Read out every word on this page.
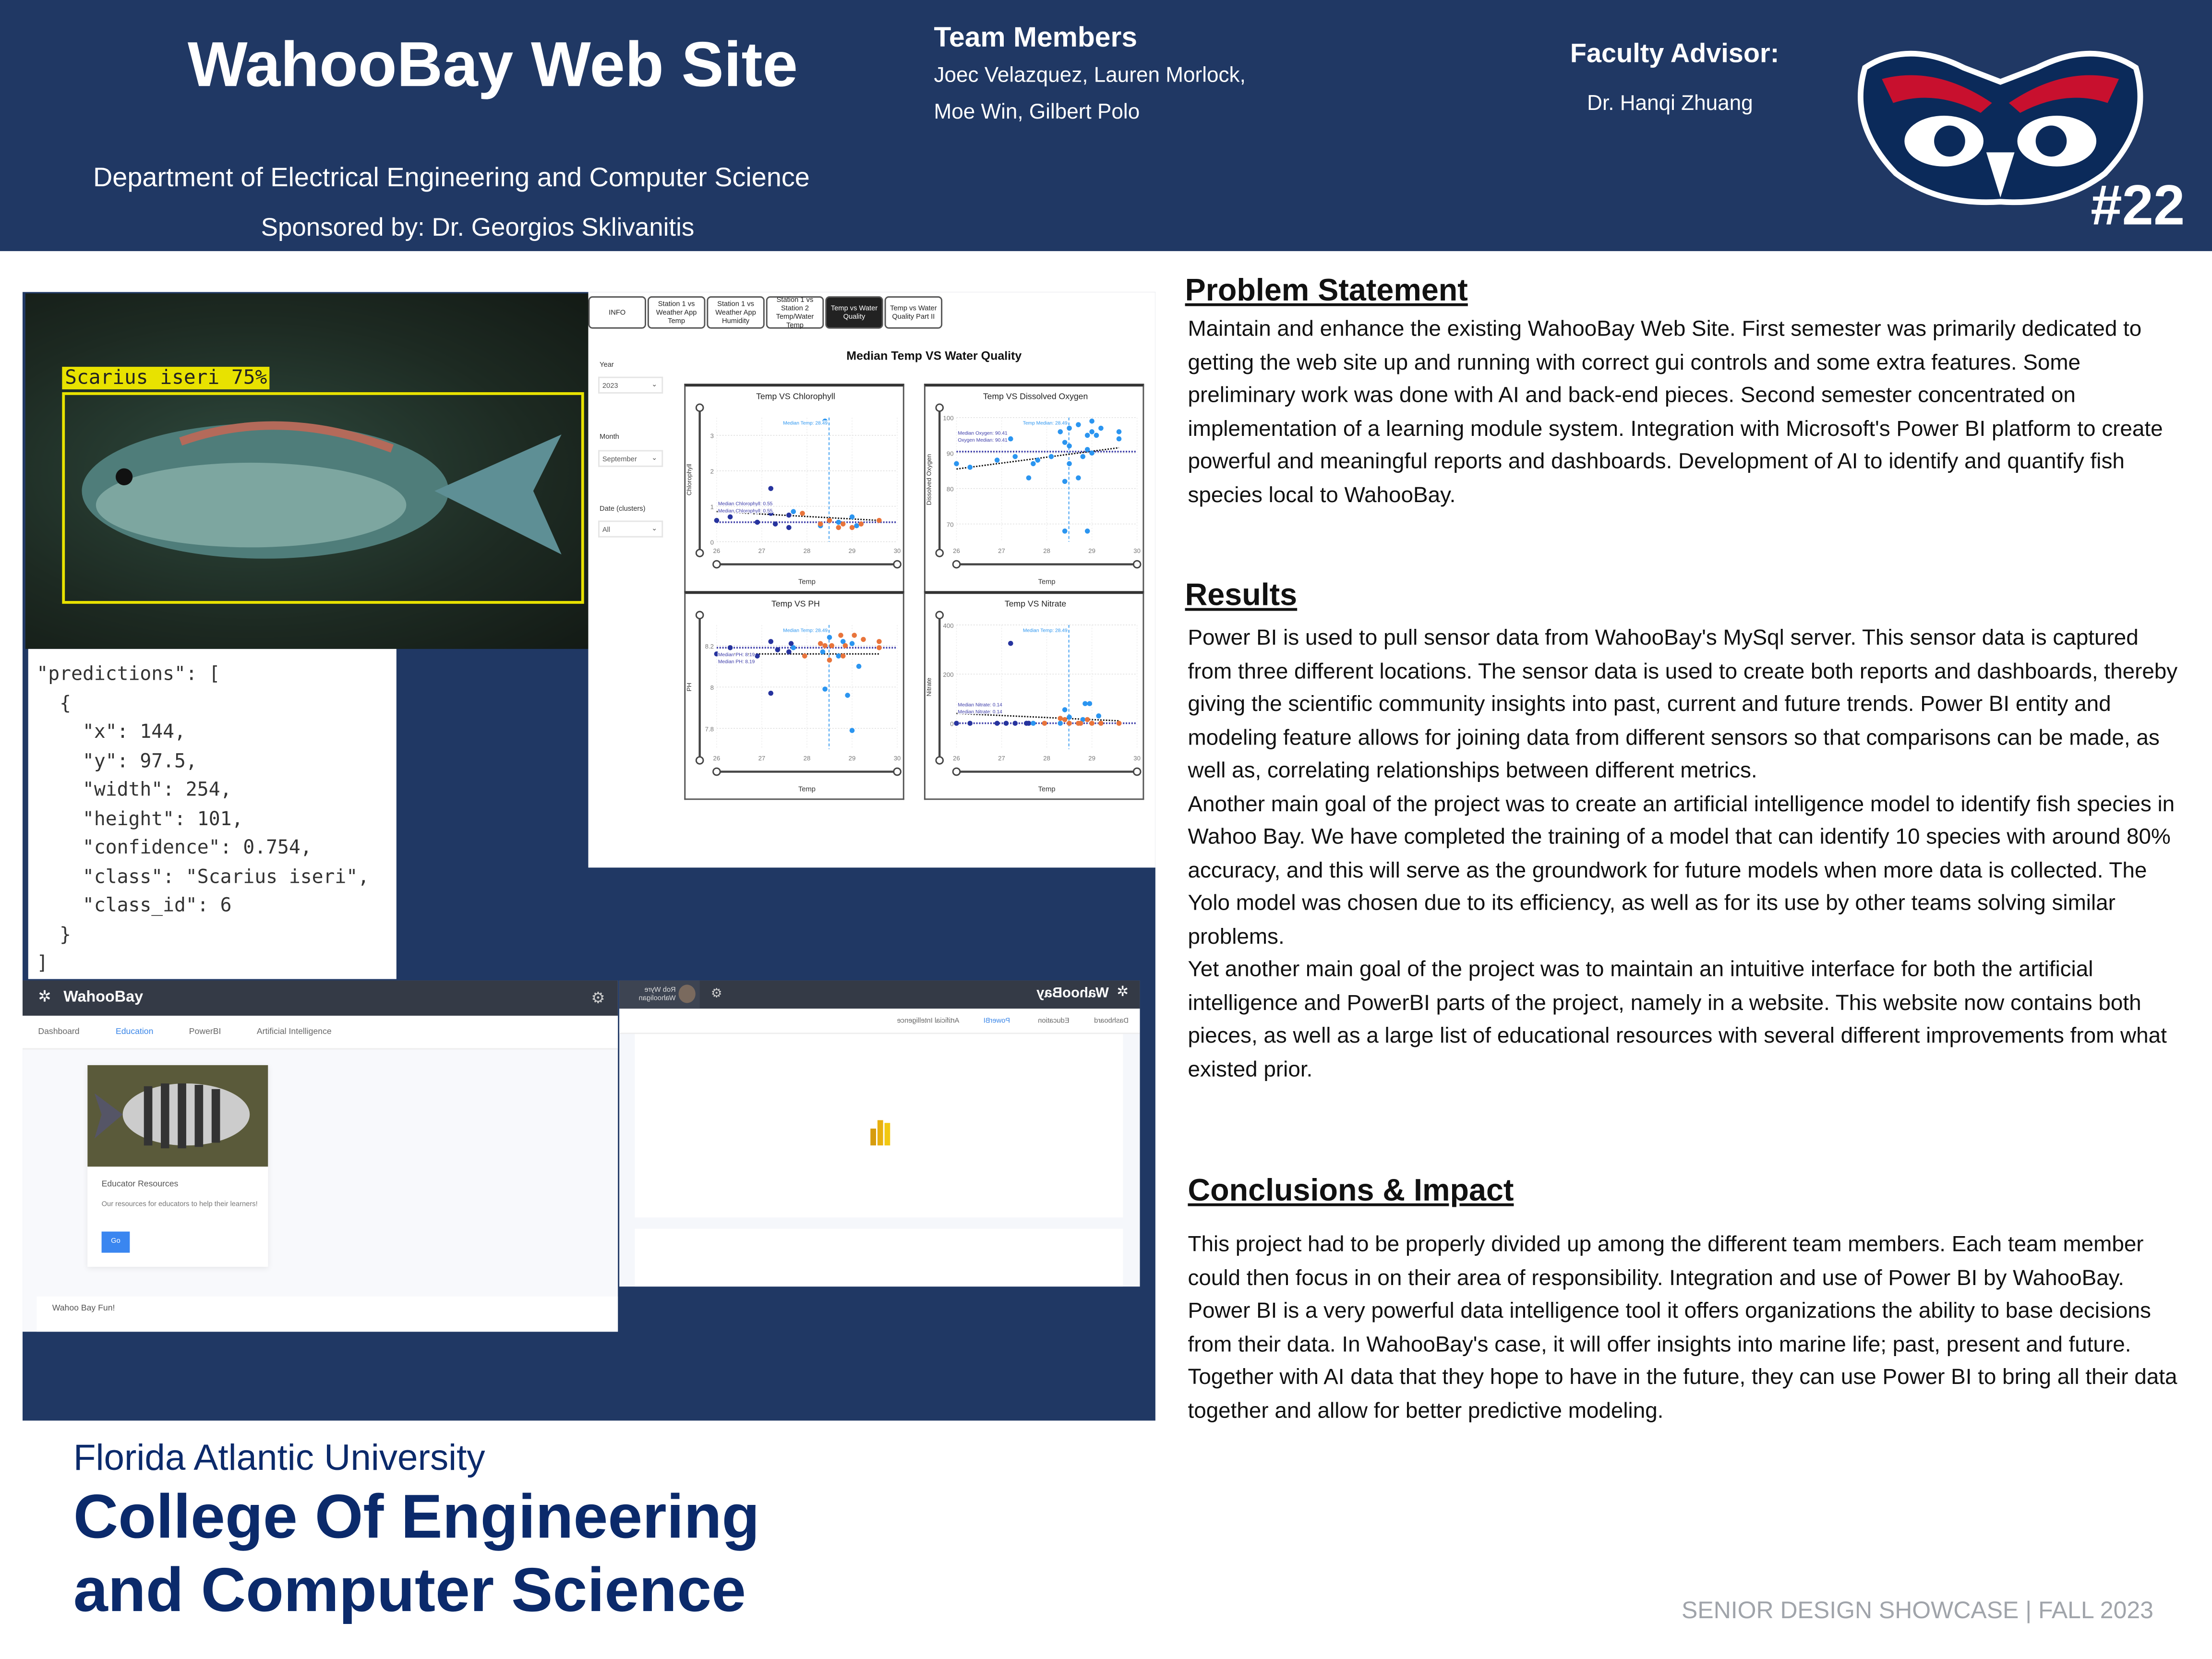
WahooBay Web Site
Department of Electrical Engineering and Computer Science
Sponsored by: Dr. Georgios Sklivanitis
Team Members
Joec Velazquez, Lauren Morlock,
Moe Win, Gilbert Polo
Faculty Advisor:
Dr. Hanqi Zhuang
#22
Scarius iseri 75%
"predictions": [
{
"x": 144,
"y": 97.5,
"width": 254,
"height": 101,
"confidence": 0.754,
"class": "Scarius iseri",
"class_id": 6
}
]
INFO
Station 1 vs Weather App Temp
Station 1 vs Weather App Humidity
Station 1 vs Station 2 Temp/Water Temp
Temp vs Water Quality
Temp vs Water Quality Part II
Median Temp VS Water Quality
Year
2023	⌄
Month
September	⌄
Date (clusters)
All	⌄
Temp VS Chlorophyll
0
1
2
3
26	27	28	29	30
Temp
Chlorophyll
Median Temp: 28.49
Median Chlorophyll: 0.55
Median Chlorophyll: 0.55
Temp VS Dissolved Oxygen
70
80
90
100
26	27	28	29	30
Temp
Dissolved Oxygen
Temp Median: 28.49
Median Oxygen: 90.41
Oxygen Median: 90.41
Temp VS PH
7.8
8
8.2
26	27	28	29	30
Temp
PH
Median Temp: 28.49
Median PH: 8.19
Median PH: 8.19
Temp VS Nitrate
0
200
400
26	27	28	29	30
Temp
Nitrate
Median Temp: 28.49
Median Nitrate: 0.14
Median Nitrate: 0.14
✲ WahooBay	⚙
Dashboard	Education	PowerBI	Artificial Intelligence
Educator Resources
Our resources for educators to help their learners!
Go
Wahoo Bay Fun!
✲
WahooBay
⚙
Rob Wyre
Wahooligan
Dashboard
Education
PowerBI
Artificial Intelligence
Problem Statement
Maintain and enhance the existing WahooBay Web Site. First semester was primarily dedicated to getting the web site up and running with correct gui controls and some extra features. Some preliminary work was done with AI and back-end pieces. Second semester concentrated on implementation of a learning module system. Integration with Microsoft's Power BI platform to create powerful and meaningful reports and dashboards. Development of AI to identify and quantify fish species local to WahooBay.
Results

Power BI is used to pull sensor data from WahooBay's MySql server. This sensor data is captured from three different locations. The sensor data is used to create both reports and dashboards, thereby giving the scientific community insights into past, current and future trends. Power BI entity and modeling feature allows for joining data from different sensors so that comparisons can be made, as well as, correlating relationships between different metrics.

Another main goal of the project was to create an artificial intelligence model to identify fish species in Wahoo Bay. We have completed the training of a model that can identify 10 species with around 80% accuracy, and this will serve as the groundwork for future models when more data is collected. The Yolo model was chosen due to its efficiency, as well as for its use by other teams solving similar problems.

Yet another main goal of the project was to maintain an intuitive interface for both the artificial intelligence and PowerBI parts of the project, namely in a website. This website now contains both pieces, as well as a large list of educational resources with several different improvements from what existed prior.

Conclusions & Impact
This project had to be properly divided up among the different team members. Each team member could then focus in on their area of responsibility. Integration and use of Power BI by WahooBay. Power BI is a very powerful data intelligence tool it offers organizations the ability to base decisions from their data. In WahooBay's case, it will offer insights into marine life; past, present and future. Together with AI data that they hope to have in the future, they can use Power BI to bring all their data together and allow for better predictive modeling.
Florida Atlantic University
College Of Engineering
and Computer Science	SENIOR DESIGN SHOWCASE | FALL 2023
